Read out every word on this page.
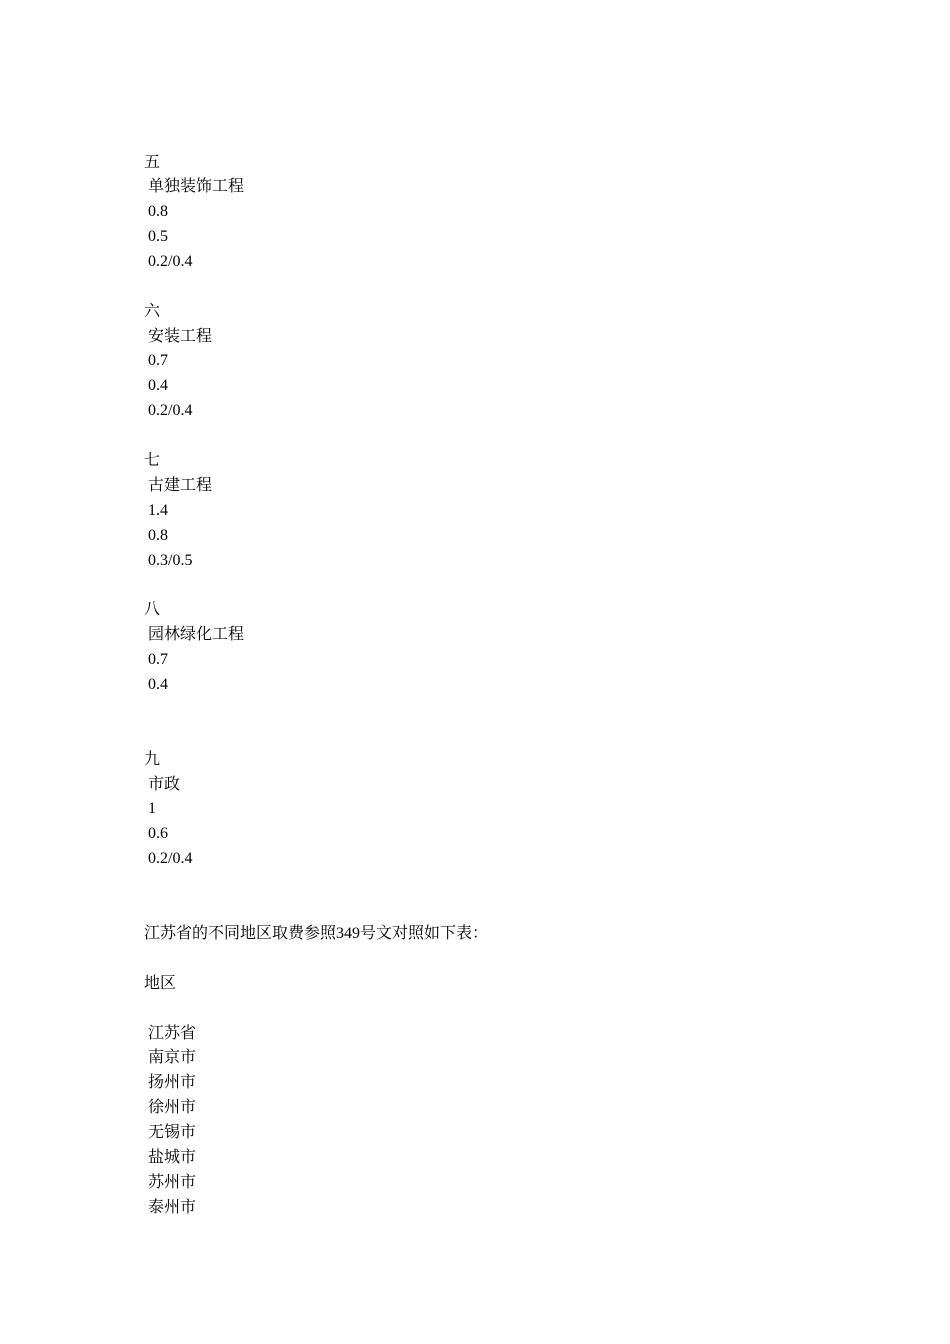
五
单独装饰工程
0.8
0.5
0.2/0.4
六
安装工程
0.7
0.4
0.2/0.4
七
古建工程
1.4
0.8
0.3/0.5
八
园林绿化工程
0.7
0.4
九
市政
1
0.6
0.2/0.4
江苏省的不同地区取费参照349号文对照如下表：
地区
江苏省
南京市
扬州市
徐州市
无锡市
盐城市
苏州市
泰州市
